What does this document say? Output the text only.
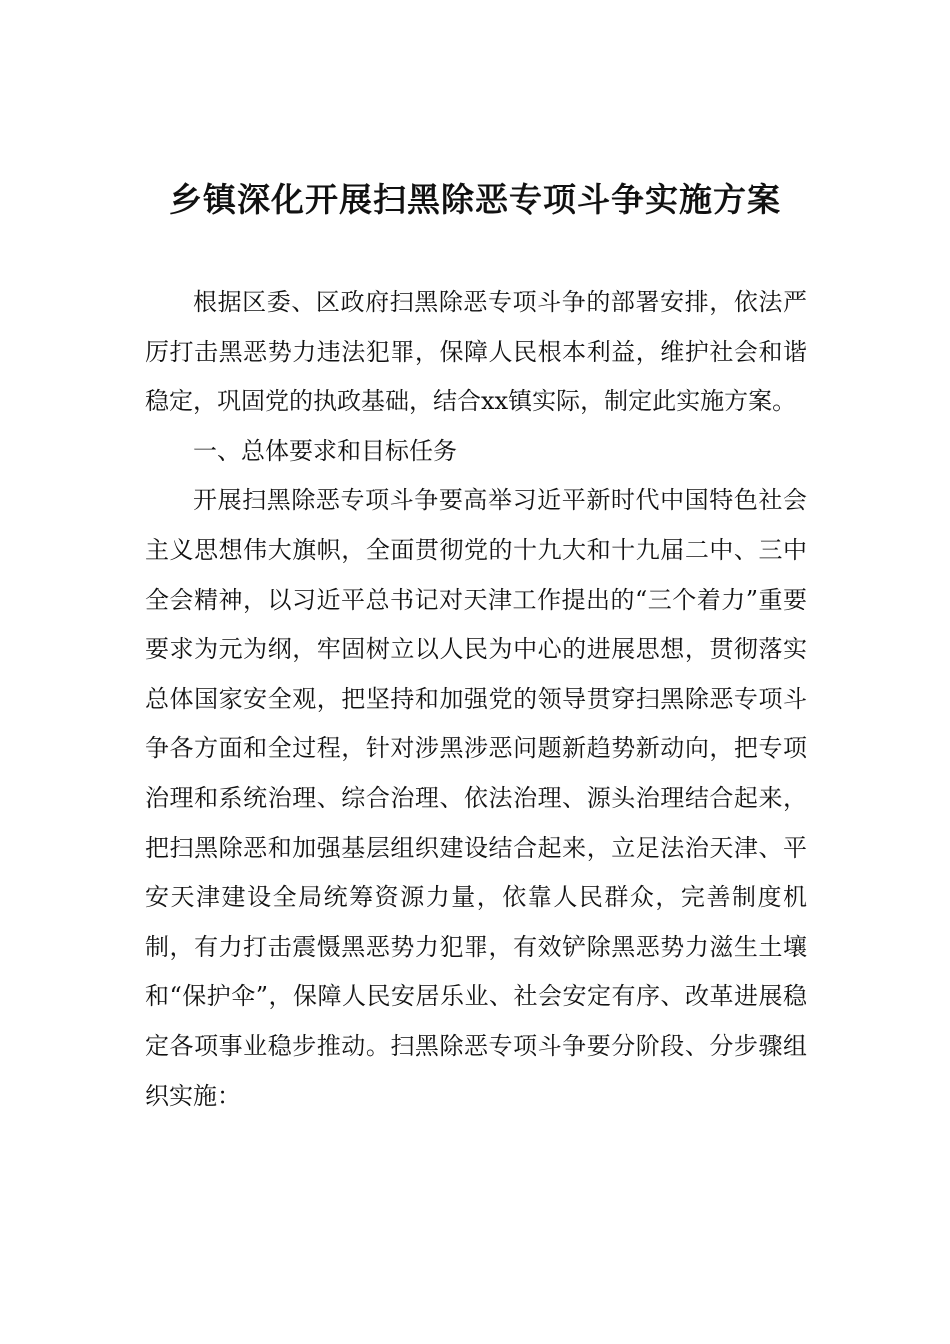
乡镇深化开展扫黑除恶专项斗争实施方案

根据区委、区政府扫黑除恶专项斗争的部署安排，依法严厉打击黑恶势力违法犯罪，保障人民根本利益，维护社会和谐稳定，巩固党的执政基础，结合xx镇实际，制定此实施方案。

一、总体要求和目标任务

开展扫黑除恶专项斗争要高举习近平新时代中国特色社会主义思想伟大旗帜，全面贯彻党的十九大和十九届二中、三中全会精神，以习近平总书记对天津工作提出的“三个着力”重要要求为元为纲，牢固树立以人民为中心的进展思想，贯彻落实总体国家安全观，把坚持和加强党的领导贯穿扫黑除恶专项斗争各方面和全过程，针对涉黑涉恶问题新趋势新动向，把专项治理和系统治理、综合治理、依法治理、源头治理结合起来，把扫黑除恶和加强基层组织建设结合起来，立足法治天津、平安天津建设全局统筹资源力量，依靠人民群众，完善制度机制，有力打击震慑黑恶势力犯罪，有效铲除黑恶势力滋生土壤和“保护伞”，保障人民安居乐业、社会安定有序、改革进展稳定各项事业稳步推动。扫黑除恶专项斗争要分阶段、分步骤组织实施：
